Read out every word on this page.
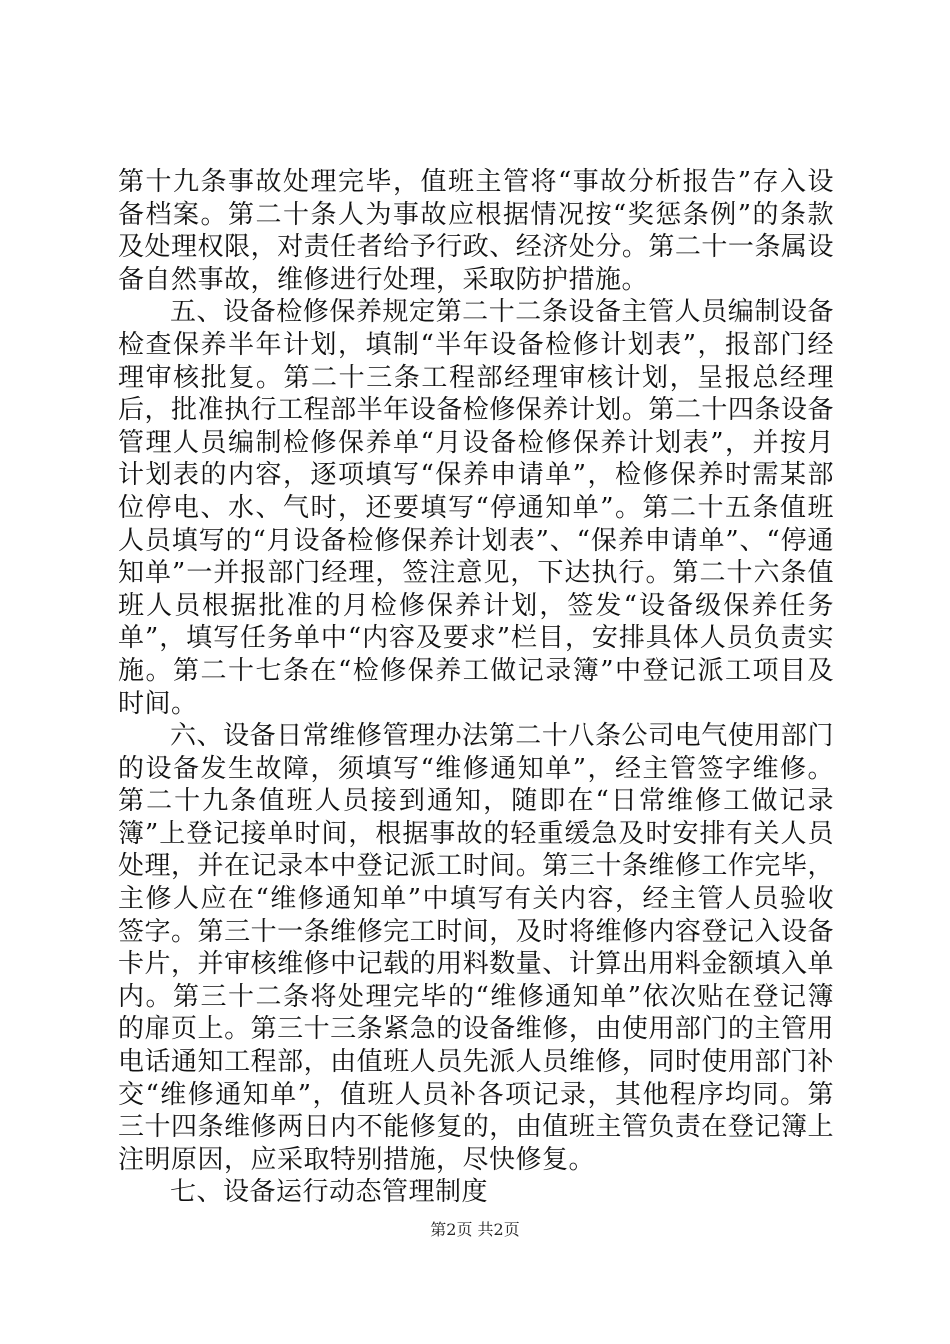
第十九条事故处理完毕，值班主管将“事故分析报告”存入设备档案。第二十条人为事故应根据情况按“奖惩条例”的条款及处理权限，对责任者给予行政、经济处分。第二十一条属设备自然事故，维修进行处理，采取防护措施。

五、设备检修保养规定第二十二条设备主管人员编制设备检查保养半年计划，填制“半年设备检修计划表”，报部门经理审核批复。第二十三条工程部经理审核计划，呈报总经理后，批准执行工程部半年设备检修保养计划。第二十四条设备管理人员编制检修保养单“月设备检修保养计划表”，并按月计划表的内容，逐项填写“保养申请单”，检修保养时需某部位停电、水、气时，还要填写“停通知单”。第二十五条值班人员填写的“月设备检修保养计划表”、“保养申请单”、“停通知单”一并报部门经理，签注意见，下达执行。第二十六条值班人员根据批准的月检修保养计划，签发“设备级保养任务单”，填写任务单中“内容及要求”栏目，安排具体人员负责实施。第二十七条在“检修保养工做记录簿”中登记派工项目及时间。

六、设备日常维修管理办法第二十八条公司电气使用部门的设备发生故障，须填写“维修通知单”，经主管签字维修。第二十九条值班人员接到通知，随即在“日常维修工做记录簿”上登记接单时间，根据事故的轻重缓急及时安排有关人员处理，并在记录本中登记派工时间。第三十条维修工作完毕，主修人应在“维修通知单”中填写有关内容，经主管人员验收签字。第三十一条维修完工时间，及时将维修内容登记入设备卡片，并审核维修中记载的用料数量、计算出用料金额填入单内。第三十二条将处理完毕的“维修通知单”依次贴在登记簿的扉页上。第三十三条紧急的设备维修，由使用部门的主管用电话通知工程部，由值班人员先派人员维修，同时使用部门补交“维修通知单”，值班人员补各项记录，其他程序均同。第三十四条维修两日内不能修复的，由值班主管负责在登记簿上注明原因，应采取特别措施，尽快修复。

七、设备运行动态管理制度

第2页 共2页
